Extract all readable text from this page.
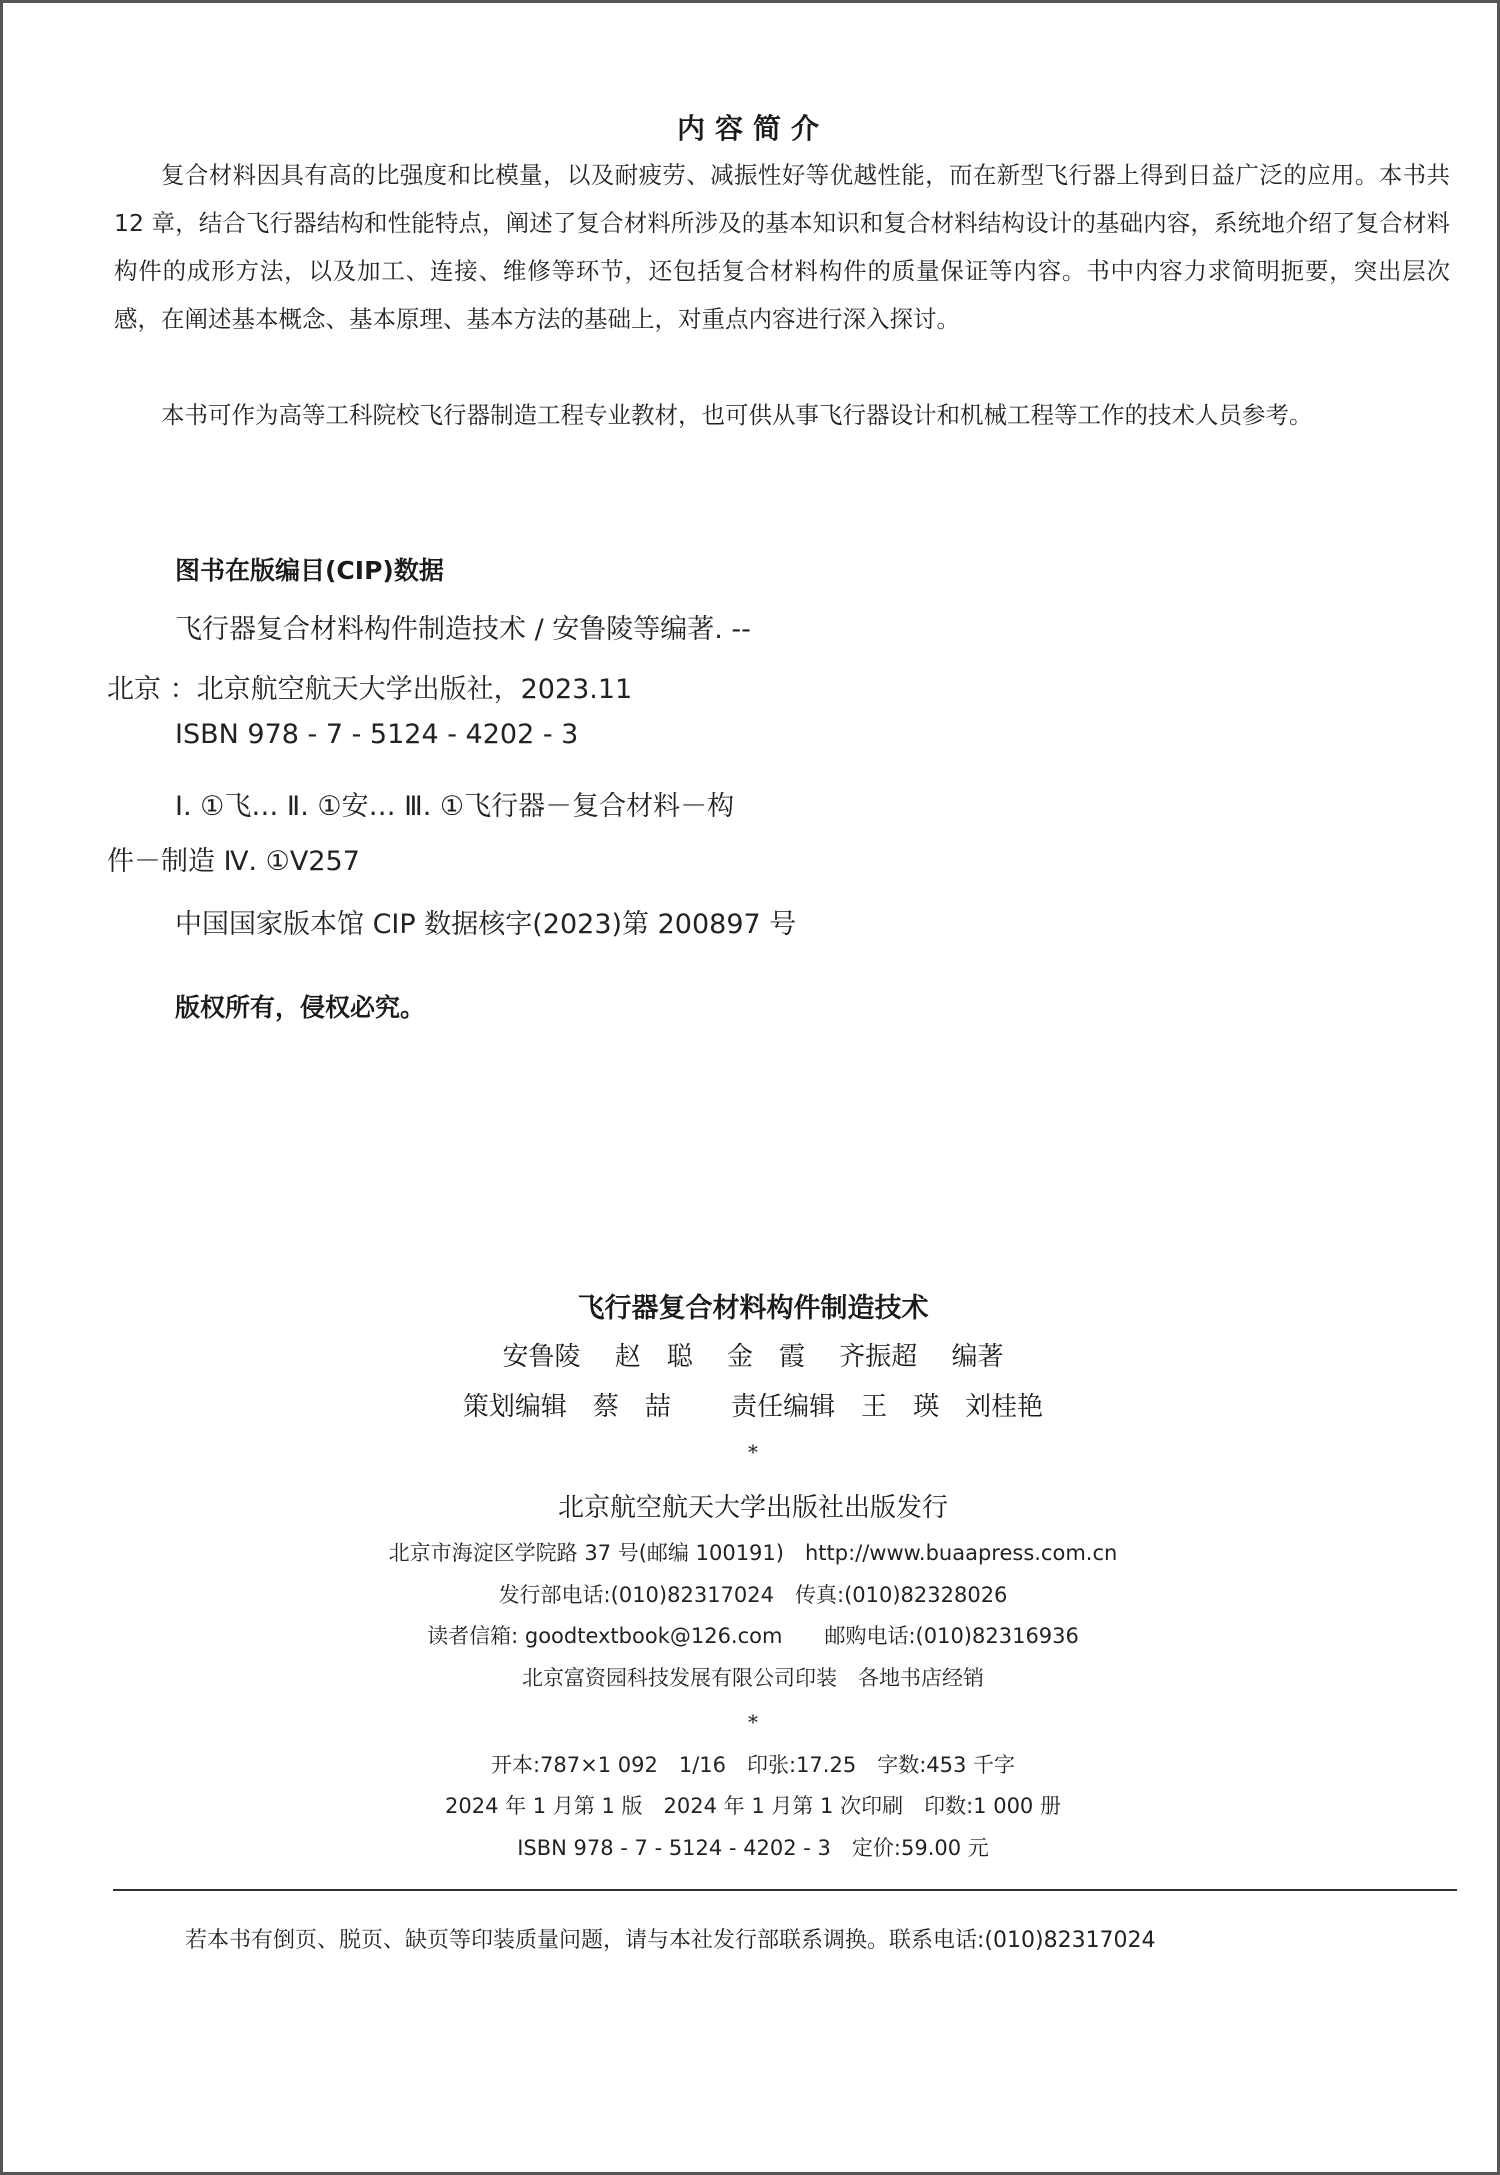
内容简介
复合材料因具有高的比强度和比模量，以及耐疲劳、减振性好等优越性能，而在新型飞行器上得到日益广泛的应用。本书共 12 章，结合飞行器结构和性能特点，阐述了复合材料所涉及的基本知识和复合材料结构设计的基础内容，系统地介绍了复合材料构件的成形方法，以及加工、连接、维修等环节，还包括复合材料构件的质量保证等内容。书中内容力求简明扼要，突出层次感，在阐述基本概念、基本原理、基本方法的基础上，对重点内容进行深入探讨。
本书可作为高等工科院校飞行器制造工程专业教材，也可供从事飞行器设计和机械工程等工作的技术人员参考。
图书在版编目(CIP)数据
飞行器复合材料构件制造技术 / 安鲁陵等编著. --
北京 ：北京航空航天大学出版社，2023.11
ISBN 978 - 7 - 5124 - 4202 - 3
Ⅰ. ①飞… Ⅱ. ①安… Ⅲ. ①飞行器－复合材料－构
件－制造 Ⅳ. ①V257
中国国家版本馆 CIP 数据核字(2023)第 200897 号
版权所有，侵权必究。
飞行器复合材料构件制造技术
安鲁陵　 赵　聪　 金　霞　 齐振超　 编著
策划编辑　蔡　喆　　 责任编辑　王　瑛　刘桂艳
*
北京航空航天大学出版社出版发行
北京市海淀区学院路 37 号(邮编 100191)　http://www.buaapress.com.cn
发行部电话:(010)82317024　传真:(010)82328026
读者信箱: goodtextbook@126.com　　邮购电话:(010)82316936
北京富资园科技发展有限公司印装　各地书店经销
*
开本:787×1 092　1/16　印张:17.25　字数:453 千字
2024 年 1 月第 1 版　2024 年 1 月第 1 次印刷　印数:1 000 册
ISBN 978 - 7 - 5124 - 4202 - 3　定价:59.00 元
若本书有倒页、脱页、缺页等印装质量问题，请与本社发行部联系调换。联系电话:(010)82317024
